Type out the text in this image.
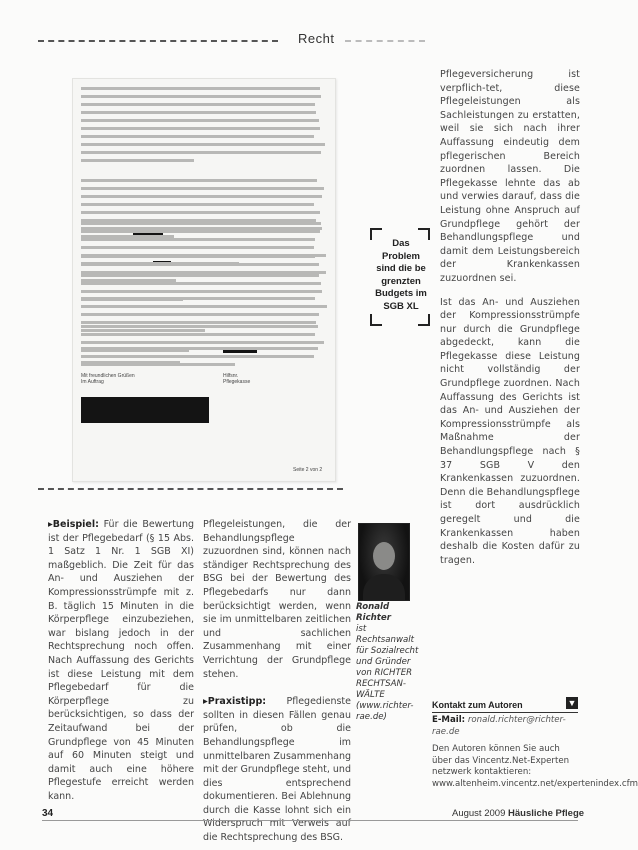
Recht
Mit freundlichen Grüßen
Im Auftrag
Hilfsnr.
Pflegekasse
Seite 2 von 2
Das Problem sind die be grenzten Budgets im SGB XL

Pflegeversicherung ist verpflich-tet, diese Pflegeleistungen als Sachleistungen zu erstatten, weil sie sich nach ihrer Auffassung eindeutig dem pflegerischen Bereich zuordnen lassen. Die Pflegekasse lehnte das ab und verwies darauf, dass die Leistung ohne Anspruch auf Grundpflege gehört der Behandlungspflege und damit dem Leistungsbereich der Krankenkassen zuzuordnen sei.

Ist das An- und Ausziehen der Kompressionsstrümpfe nur durch die Grundpflege abgedeckt, kann die Pflegekasse diese Leistung nicht vollständig der Grundpflege zuordnen. Nach Auffassung des Gerichts ist das An- und Ausziehen der Kompressionsstrümpfe als Maßnahme der Behandlungspflege nach § 37 SGB V den Krankenkassen zuzuordnen. Denn die Behandlungspflege ist dort ausdrücklich geregelt und die Krankenkassen haben deshalb die Kosten dafür zu tragen.

▸ Beispiel: Für die Bewertung ist der Pflegebedarf (§ 15 Abs. 1 Satz 1 Nr. 1 SGB XI) maßgeblich. Die Zeit für das An- und Ausziehen der Kompressionsstrümpfe mit z. B. täglich 15 Minuten in die Körperpflege einzubeziehen, war bislang jedoch in der Rechtsprechung noch offen. Nach Auffassung des Gerichts ist diese Leistung mit dem Pflegebedarf für die Körperpflege zu berücksichtigen, so dass der Zeitaufwand bei der Grundpflege von 45 Minuten auf 60 Minuten steigt und damit auch eine höhere Pflegestufe erreicht werden kann.
Pflegeleistungen, die der Behandlungspflege zuzuordnen sind, können nach ständiger Rechtsprechung des BSG bei der Bewertung des Pflegebedarfs nur dann berücksichtigt werden, wenn sie im unmittelbaren zeitlichen und sachlichen Zusammenhang mit einer Verrichtung der Grundpflege stehen.
▸ Praxistipp: Pflegedienste sollten in diesen Fällen genau prüfen, ob die Behandlungspflege im unmittelbaren Zusammenhang mit der Grundpflege steht, und dies entsprechend dokumentieren. Bei Ablehnung durch die Kasse lohnt sich ein Widerspruch mit Verweis auf die Rechtsprechung des BSG.
Ronald Richter
ist Rechtsanwalt für Sozialrecht und Gründer von RICHTER RECHTSAN-WÄLTE (www.richter-rae.de)
Kontakt zum Autoren	▼

E-Mail: ronald.richter@richter-rae.de

Den Autoren können Sie auch über das Vincentz.Net-Experten netzwerk kontaktieren: www.altenheim.vincentz.net/expertenindex.cfm

34	August 2009 Häusliche Pflege
